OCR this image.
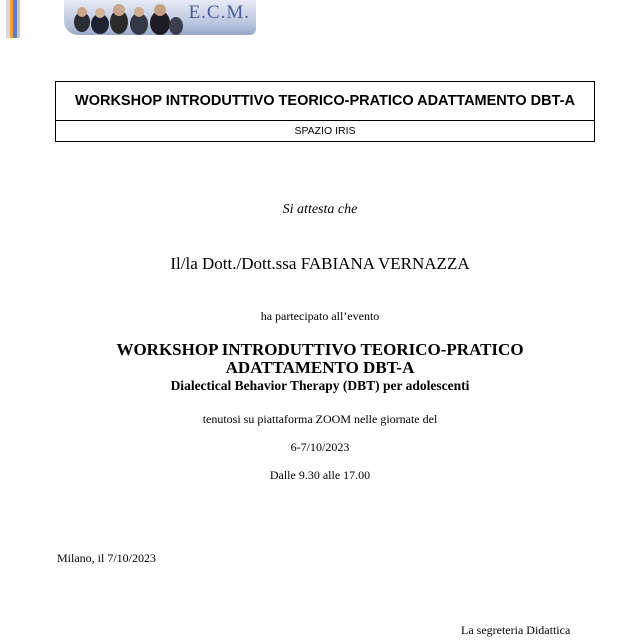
E.C.M.
WORKSHOP INTRODUTTIVO TEORICO-PRATICO ADATTAMENTO DBT-A
SPAZIO IRIS
Si attesta che
Il/la Dott./Dott.ssa FABIANA VERNAZZA
ha partecipato all’evento
WORKSHOP INTRODUTTIVO TEORICO-PRATICO
ADATTAMENTO DBT-A
Dialectical Behavior Therapy (DBT) per adolescenti
tenutosi su piattaforma ZOOM nelle giornate del
6-7/10/2023
Dalle 9.30 alle 17.00
Milano, il 7/10/2023
La segreteria Didattica
